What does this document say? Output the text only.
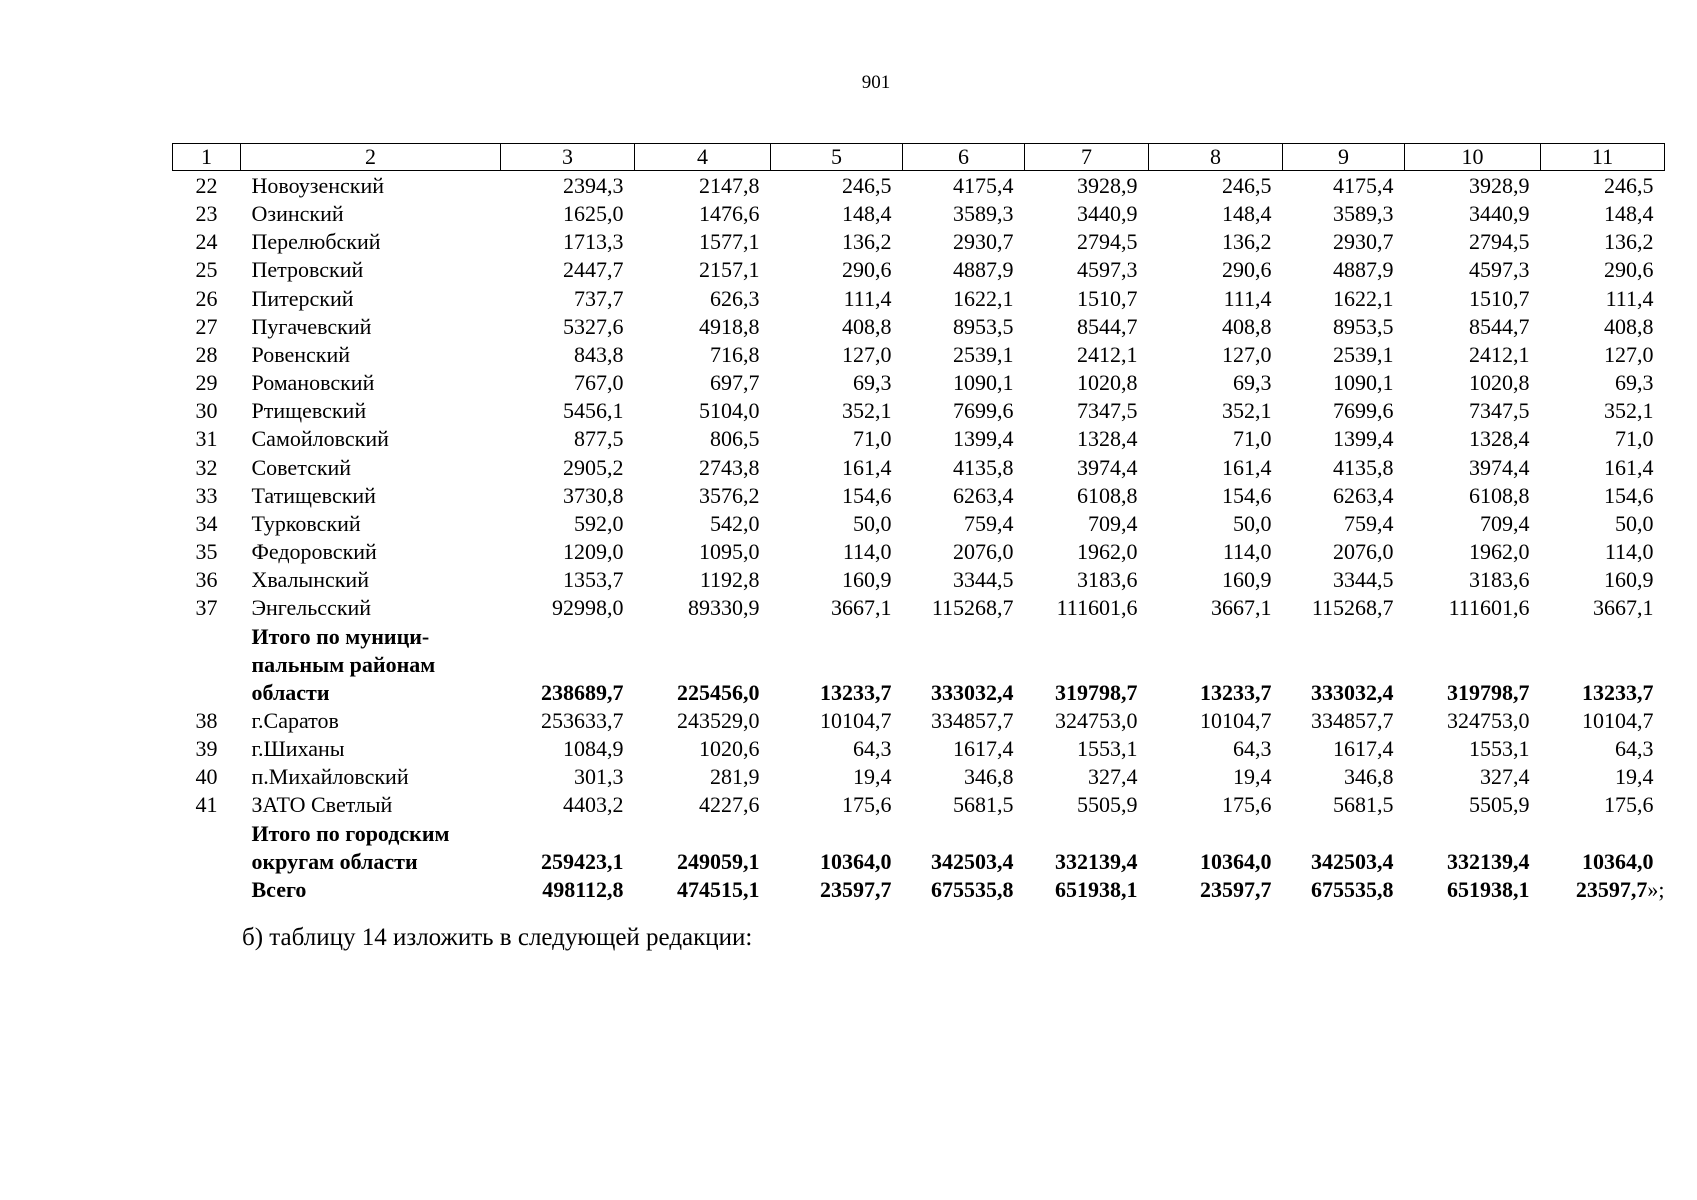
901
1	2	3	4	5	6	7	8	9	10	11
22	Новоузенский	2394,3	2147,8	246,5	4175,4	3928,9	246,5	4175,4	3928,9	246,5
23	Озинский	1625,0	1476,6	148,4	3589,3	3440,9	148,4	3589,3	3440,9	148,4
24	Перелюбский	1713,3	1577,1	136,2	2930,7	2794,5	136,2	2930,7	2794,5	136,2
25	Петровский	2447,7	2157,1	290,6	4887,9	4597,3	290,6	4887,9	4597,3	290,6
26	Питерский	737,7	626,3	111,4	1622,1	1510,7	111,4	1622,1	1510,7	111,4
27	Пугачевский	5327,6	4918,8	408,8	8953,5	8544,7	408,8	8953,5	8544,7	408,8
28	Ровенский	843,8	716,8	127,0	2539,1	2412,1	127,0	2539,1	2412,1	127,0
29	Романовский	767,0	697,7	69,3	1090,1	1020,8	69,3	1090,1	1020,8	69,3
30	Ртищевский	5456,1	5104,0	352,1	7699,6	7347,5	352,1	7699,6	7347,5	352,1
31	Самойловский	877,5	806,5	71,0	1399,4	1328,4	71,0	1399,4	1328,4	71,0
32	Советский	2905,2	2743,8	161,4	4135,8	3974,4	161,4	4135,8	3974,4	161,4
33	Татищевский	3730,8	3576,2	154,6	6263,4	6108,8	154,6	6263,4	6108,8	154,6
34	Турковский	592,0	542,0	50,0	759,4	709,4	50,0	759,4	709,4	50,0
35	Федоровский	1209,0	1095,0	114,0	2076,0	1962,0	114,0	2076,0	1962,0	114,0
36	Хвалынский	1353,7	1192,8	160,9	3344,5	3183,6	160,9	3344,5	3183,6	160,9
37	Энгельсский	92998,0	89330,9	3667,1	115268,7	111601,6	3667,1	115268,7	111601,6	3667,1

	Итого по муници-
пальным районам
области	238689,7	225456,0	13233,7	333032,4	319798,7	13233,7	333032,4	319798,7	13233,7
38	г.Саратов	253633,7	243529,0	10104,7	334857,7	324753,0	10104,7	334857,7	324753,0	10104,7
39	г.Шиханы	1084,9	1020,6	64,3	1617,4	1553,1	64,3	1617,4	1553,1	64,3
40	п.Михайловский	301,3	281,9	19,4	346,8	327,4	19,4	346,8	327,4	19,4
41	ЗАТО Светлый	4403,2	4227,6	175,6	5681,5	5505,9	175,6	5681,5	5505,9	175,6

	Итого по городским
округам области	259423,1	249059,1	10364,0	342503,4	332139,4	10364,0	342503,4	332139,4	10364,0

	Всего	498112,8	474515,1	23597,7	675535,8	651938,1	23597,7	675535,8	651938,1	23597,7»;
б) таблицу 14 изложить в следующей редакции:
